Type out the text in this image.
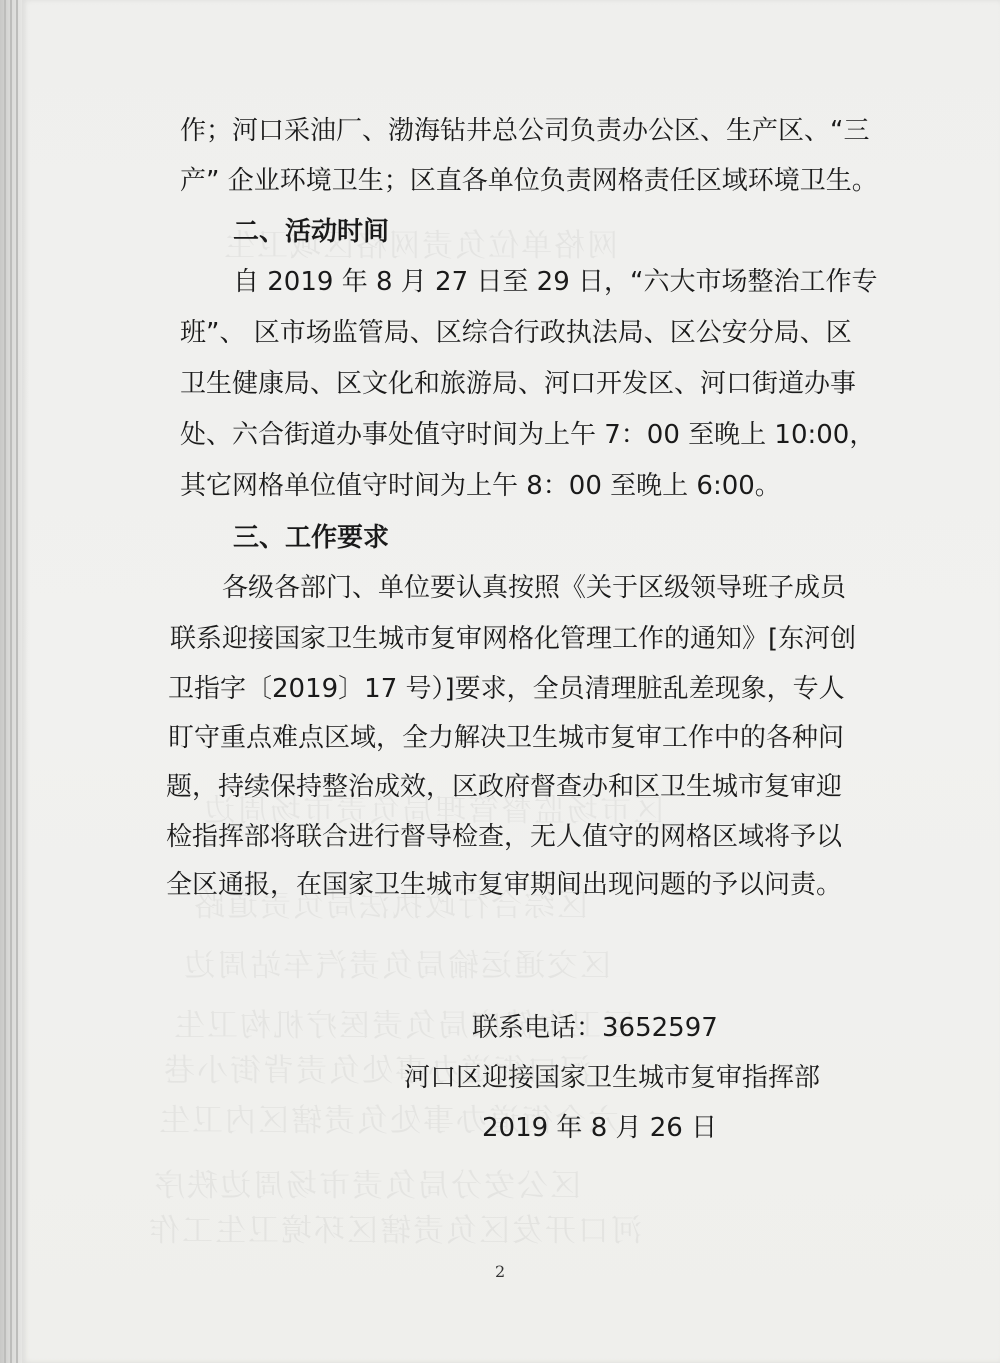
作；河口采油厂、渤海钻井总公司负责办公区、生产区、“三
产” 企业环境卫生；区直各单位负责网格责任区域环境卫生。
二、活动时间
自 2019 年 8 月 27 日至 29 日，“六大市场整治工作专
班”、 区市场监管局、区综合行政执法局、区公安分局、区
卫生健康局、区文化和旅游局、河口开发区、河口街道办事
处、六合街道办事处值守时间为上午 7：00 至晚上 10:00，
其它网格单位值守时间为上午 8：00 至晚上 6:00。
三、工作要求
各级各部门、单位要认真按照《关于区级领导班子成员
联系迎接国家卫生城市复审网格化管理工作的通知》[东河创
卫指字〔2019〕17 号）]要求，全员清理脏乱差现象，专人
盯守重点难点区域，全力解决卫生城市复审工作中的各种问
题，持续保持整治成效，区政府督查办和区卫生城市复审迎
检指挥部将联合进行督导检查，无人值守的网格区域将予以
全区通报，在国家卫生城市复审期间出现问题的予以问责。
联系电话：3652597
河口区迎接国家卫生城市复审指挥部
2019 年 8 月 26 日
2
